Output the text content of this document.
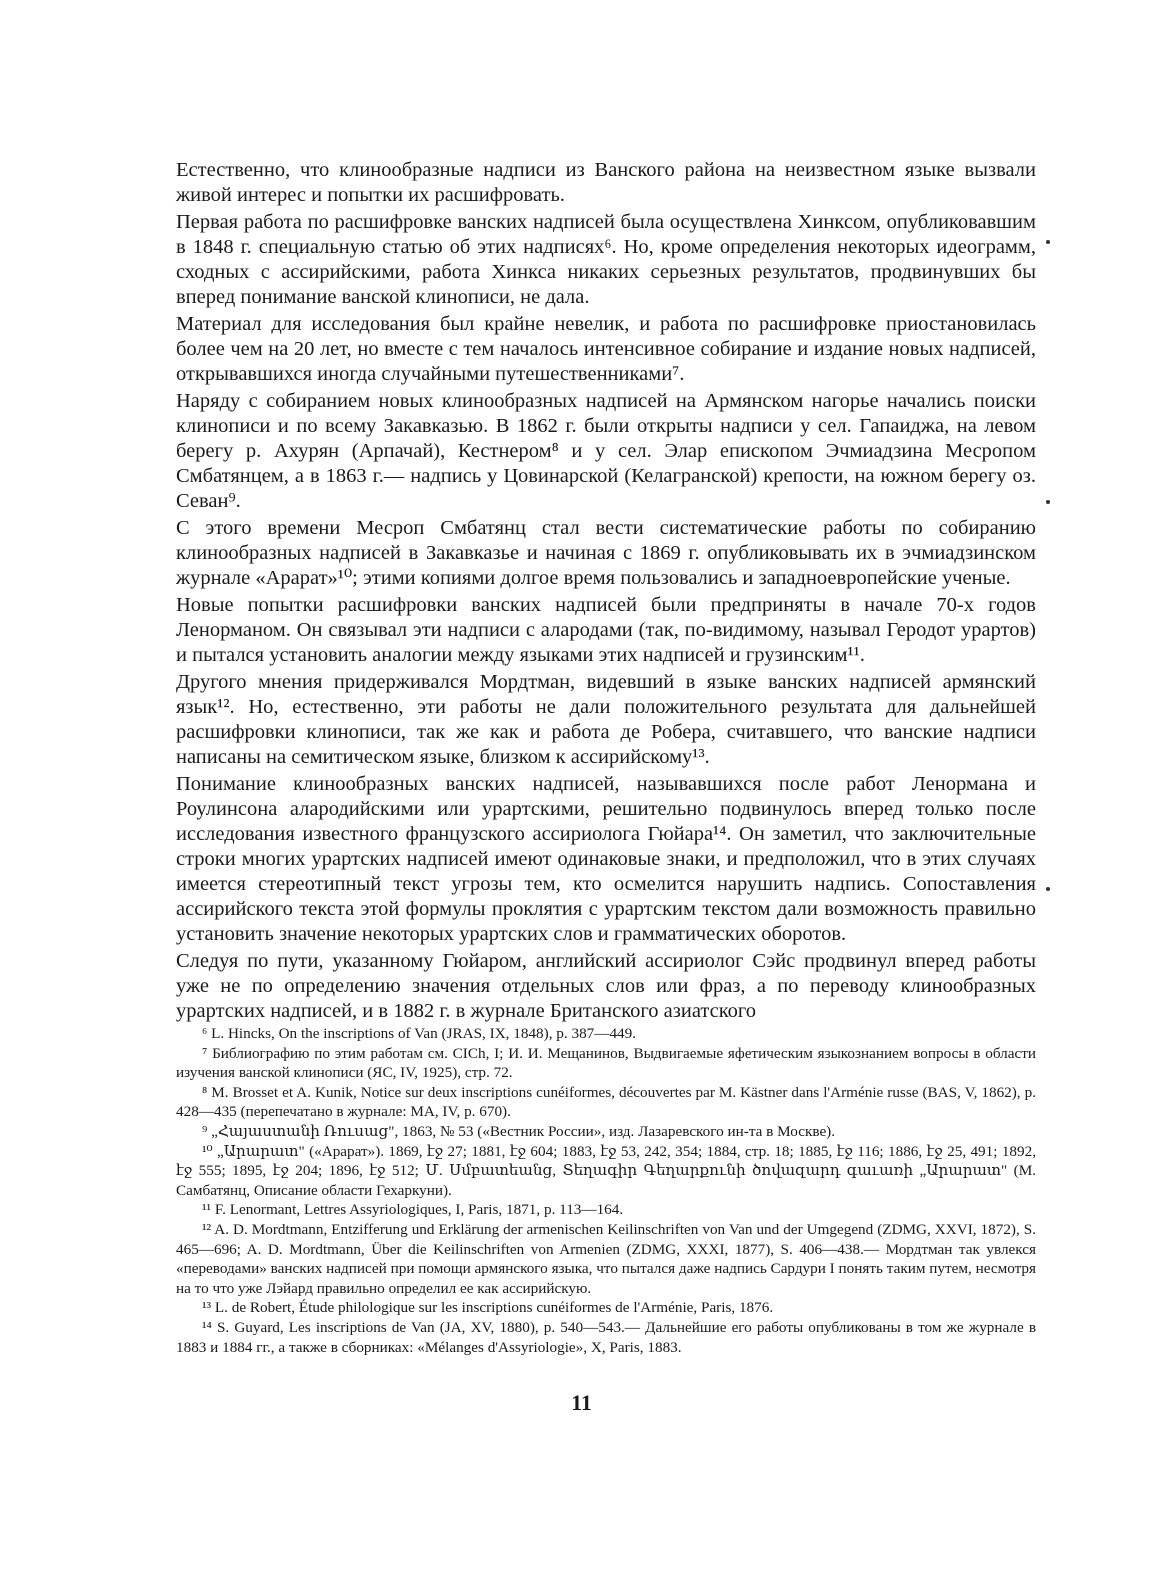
Естественно, что клинообразные надписи из Ванского района на неизвестном языке вызвали живой интерес и попытки их расшифровать.

Первая работа по расшифровке ванских надписей была осуществлена Хинксом, опубликовавшим в 1848 г. специальную статью об этих надписях⁶. Но, кроме определения некоторых идеограмм, сходных с ассирийскими, работа Хинкса никаких серьезных результатов, продвинувших бы вперед понимание ванской клинописи, не дала.

Материал для исследования был крайне невелик, и работа по расшифровке приостановилась более чем на 20 лет, но вместе с тем началось интенсивное собирание и издание новых надписей, открывавшихся иногда случайными путешественниками⁷.

Наряду с собиранием новых клинообразных надписей на Армянском нагорье начались поиски клинописи и по всему Закавказью. В 1862 г. были открыты надписи у сел. Гапаиджа, на левом берегу р. Ахурян (Арпачай), Кестнером⁸ и у сел. Элар епископом Эчмиадзина Месропом Смбатянцем, а в 1863 г.— надпись у Цовинарской (Келагранской) крепости, на южном берегу оз. Севан⁹.

С этого времени Месроп Смбатянц стал вести систематические работы по собиранию клинообразных надписей в Закавказье и начиная с 1869 г. опубликовывать их в эчмиадзинском журнале «Арарат»¹⁰; этими копиями долгое время пользовались и западноевропейские ученые.

Новые попытки расшифровки ванских надписей были предприняты в начале 70-х годов Ленорманом. Он связывал эти надписи с алародами (так, по-видимому, называл Геродот урартов) и пытался установить аналогии между языками этих надписей и грузинским¹¹.

Другого мнения придерживался Мордтман, видевший в языке ванских надписей армянский язык¹². Но, естественно, эти работы не дали положительного результата для дальнейшей расшифровки клинописи, так же как и работа де Робера, считавшего, что ванские надписи написаны на семитическом языке, близком к ассирийскому¹³.

Понимание клинообразных ванских надписей, называвшихся после работ Ленормана и Роулинсона алародийскими или урартскими, решительно подвинулось вперед только после исследования известного французского ассириолога Гюйара¹⁴. Он заметил, что заключительные строки многих урартских надписей имеют одинаковые знаки, и предположил, что в этих случаях имеется стереотипный текст угрозы тем, кто осмелится нарушить надпись. Сопоставления ассирийского текста этой формулы проклятия с урартским текстом дали возможность правильно установить значение некоторых урартских слов и грамматических оборотов.

Следуя по пути, указанному Гюйаром, английский ассириолог Сэйс продвинул вперед работы уже не по определению значения отдельных слов или фраз, а по переводу клинообразных урартских надписей, и в 1882 г. в журнале Британского азиатского

⁶ L. Hincks, On the inscriptions of Van (JRAS, IX, 1848), p. 387—449.

⁷ Библиографию по этим работам см. CICh, I; И. И. Мещанинов, Выдвигаемые яфетическим языкознанием вопросы в области изучения ванской клинописи (ЯС, IV, 1925), стр. 72.

⁸ M. Brosset et A. Kunik, Notice sur deux inscriptions cunéiformes, découvertes par M. Kästner dans l'Arménie russe (BAS, V, 1862), p. 428—435 (перепечатано в журнале: MA, IV, p. 670).

⁹ „Հայաստանի Ռուսաց", 1863, № 53 («Вестник России», изд. Лазаревского ин-та в Москве).

¹⁰ „Արարատ" («Арарат»). 1869, էջ 27; 1881, էջ 604; 1883, էջ 53, 242, 354; 1884, стр. 18; 1885, էջ 116; 1886, էջ 25, 491; 1892, էջ 555; 1895, էջ 204; 1896, էջ 512; Մ. Սմբատեանց, Տեղագիր Գեղարքունի ծովազարդ գաւառի „Արարատ" (М. Самбатянц, Описание области Гехаркуни).

¹¹ F. Lenormant, Lettres Assyriologiques, I, Paris, 1871, p. 113—164.

¹² A. D. Mordtmann, Entzifferung und Erklärung der armenischen Keilinschriften von Van und der Umgegend (ZDMG, XXVI, 1872), S. 465—696; A. D. Mordtmann, Über die Keilinschriften von Armenien (ZDMG, XXXI, 1877), S. 406—438.— Мордтман так увлекся «переводами» ванских надписей при помощи армянского языка, что пытался даже надпись Сардури I понять таким путем, несмотря на то что уже Лэйард правильно определил ее как ассирийскую.

¹³ L. de Robert, Étude philologique sur les inscriptions cunéiformes de l'Arménie, Paris, 1876.

¹⁴ S. Guyard, Les inscriptions de Van (JA, XV, 1880), p. 540—543.— Дальнейшие его работы опубликованы в том же журнале в 1883 и 1884 гг., а также в сборниках: «Mélanges d'Assyriologie», X, Paris, 1883.

11
